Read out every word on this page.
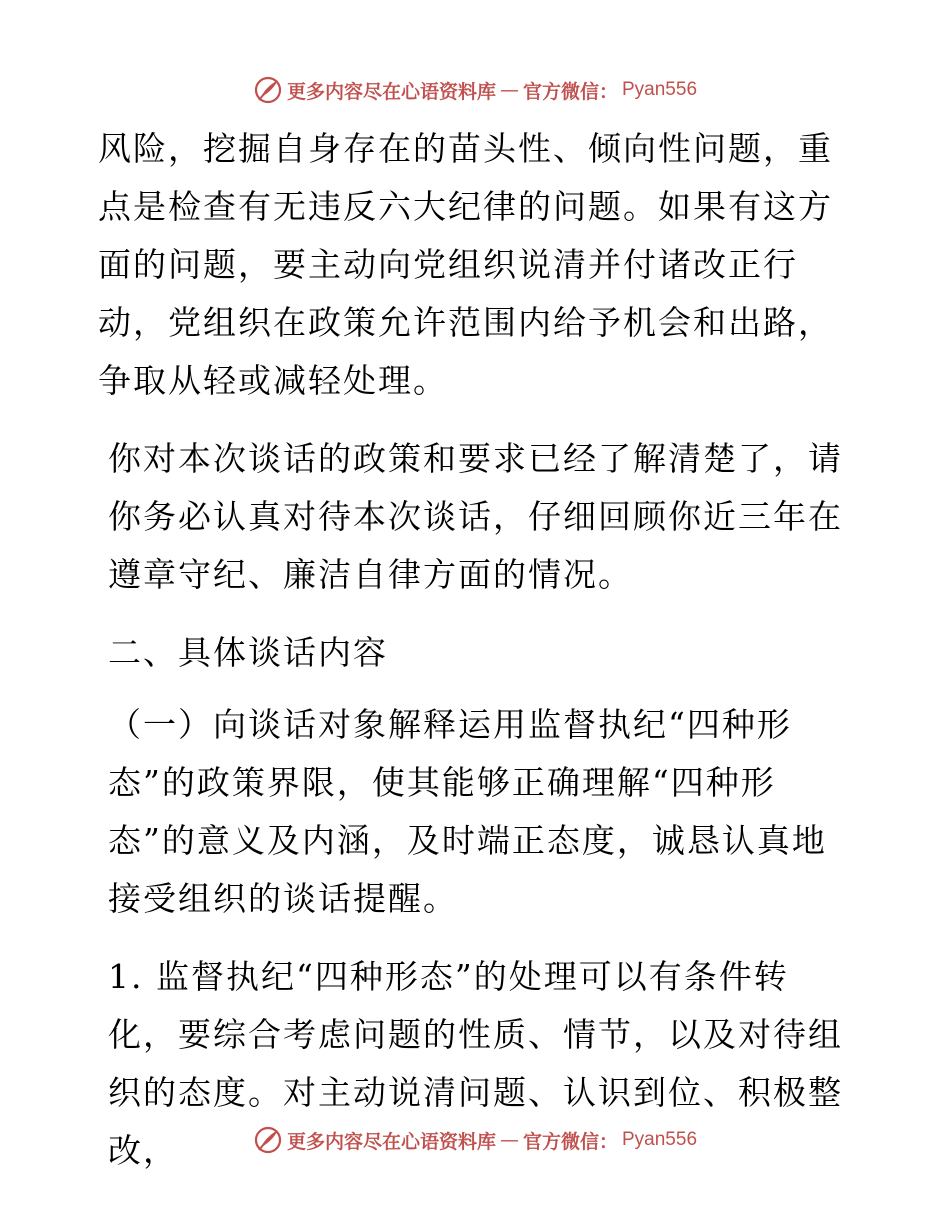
更多内容尽在心语资料库 — 官方微信： Pyan556

风险，挖掘自身存在的苗头性、倾向性问题，重点是检查有无违反六大纪律的问题。如果有这方面的问题，要主动向党组织说清并付诸改正行动，党组织在政策允许范围内给予机会和出路，争取从轻或减轻处理。

你对本次谈话的政策和要求已经了解清楚了，请你务必认真对待本次谈话，仔细回顾你近三年在遵章守纪、廉洁自律方面的情况。

二、具体谈话内容

（一）向谈话对象解释运用监督执纪“四种形态”的政策界限，使其能够正确理解“四种形态”的意义及内涵，及时端正态度，诚恳认真地接受组织的谈话提醒。

1. 监督执纪“四种形态”的处理可以有条件转化，要综合考虑问题的性质、情节，以及对待组织的态度。对主动说清问题、认识到位、积极整改，	更多内容尽在心语资料库 — 官方微信： Pyan556
